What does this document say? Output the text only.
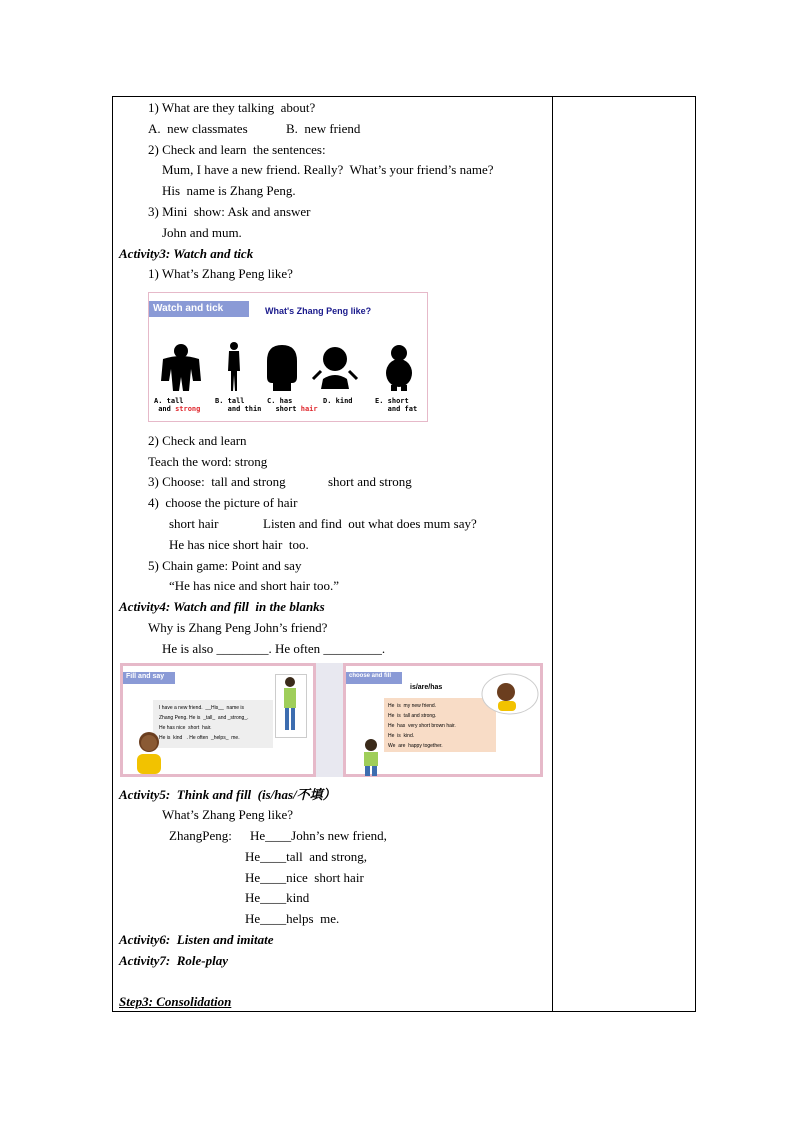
1) What are they talking  about?
A.  new classmates	B.  new friend
2) Check and learn  the sentences:
Mum, I have a new friend. Really?  What’s your friend’s name?
His  name is Zhang Peng.
3) Mini  show: Ask and answer
John and mum.
Activity3: Watch and tick
1) What’s Zhang Peng like?
Watch and tick	What's Zhang Peng like?
A. tall
and strong
B. tall
and thin
C. has
short hair
D. kind	E. short
and fat
2) Check and learn
Teach the word: strong
3) Choose:  tall and strong	short and strong
4)  choose the picture of hair
short hair	Listen and find  out what does mum say?
He has nice short hair  too.
5) Chain game: Point and say
“He has nice and short hair too.”
Activity4: Watch and fill  in the blanks
Why is Zhang Peng John’s friend?
He is also ________. He often _________.
Fill and say
I have a new friend.  __His__  name is
Zhang Peng. He is  _tall_  and _strong_.
He has nice  short  hair.
He is  kind   . He often  _helps_  me.
choose and fill
is/are/has
He  is  my new friend.
He  is  tall and strong.
He  has  very short brown hair.
He  is  kind.
We  are  happy together.
Activity5:  Think and fill  (is/has/不填）
What’s Zhang Peng like?
ZhangPeng: He____John’s new friend,
He____tall  and strong,
He____nice  short hair
He____kind
He____helps  me.
Activity6:  Listen and imitate
Activity7:  Role-play
Step3: Consolidation
